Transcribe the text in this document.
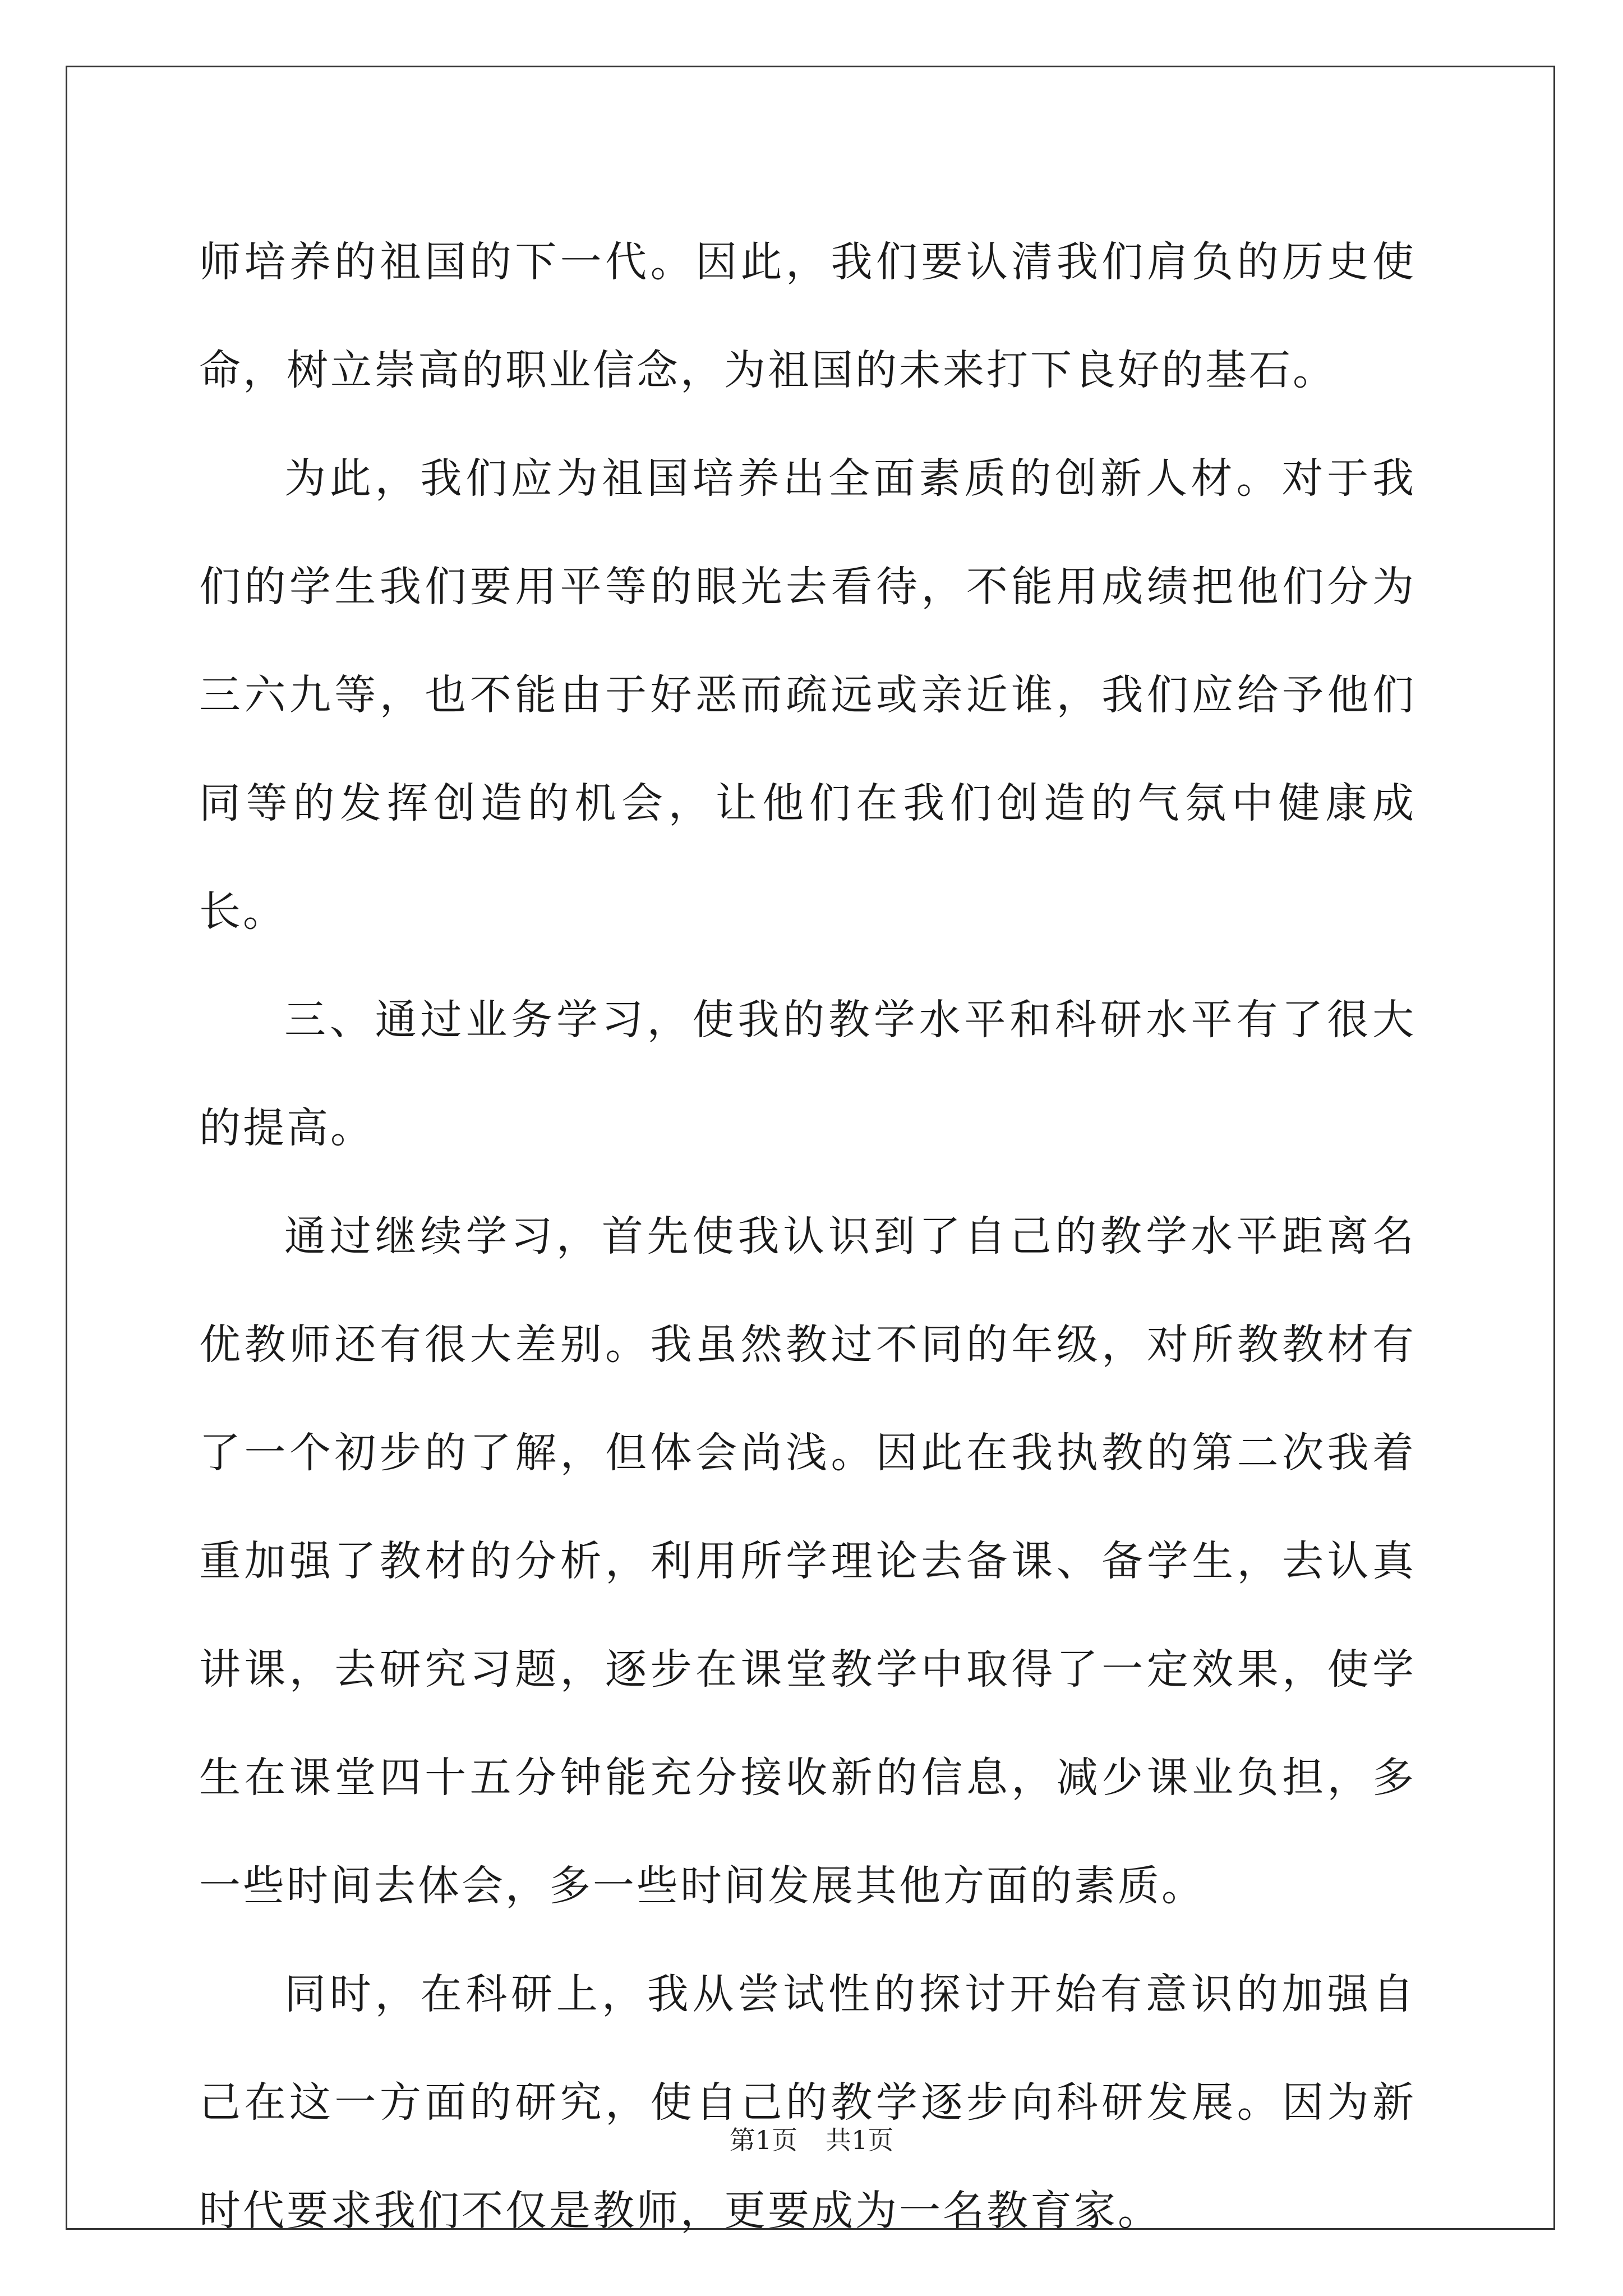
师培养的祖国的下一代。因此，我们要认清我们肩负的历史使命，树立崇高的职业信念，为祖国的未来打下良好的基石。

为此，我们应为祖国培养出全面素质的创新人材。对于我们的学生我们要用平等的眼光去看待，不能用成绩把他们分为三六九等，也不能由于好恶而疏远或亲近谁，我们应给予他们同等的发挥创造的机会，让他们在我们创造的气氛中健康成长。

三、通过业务学习，使我的教学水平和科研水平有了很大的提高。

通过继续学习，首先使我认识到了自己的教学水平距离名优教师还有很大差别。我虽然教过不同的年级，对所教教材有了一个初步的了解，但体会尚浅。因此在我执教的第二次我着重加强了教材的分析，利用所学理论去备课、备学生，去认真讲课，去研究习题，逐步在课堂教学中取得了一定效果，使学生在课堂四十五分钟能充分接收新的信息，减少课业负担，多一些时间去体会，多一些时间发展其他方面的素质。

同时，在科研上，我从尝试性的探讨开始有意识的加强自己在这一方面的研究，使自己的教学逐步向科研发展。因为新时代要求我们不仅是教师，更要成为一名教育家。

第1页 共1页
